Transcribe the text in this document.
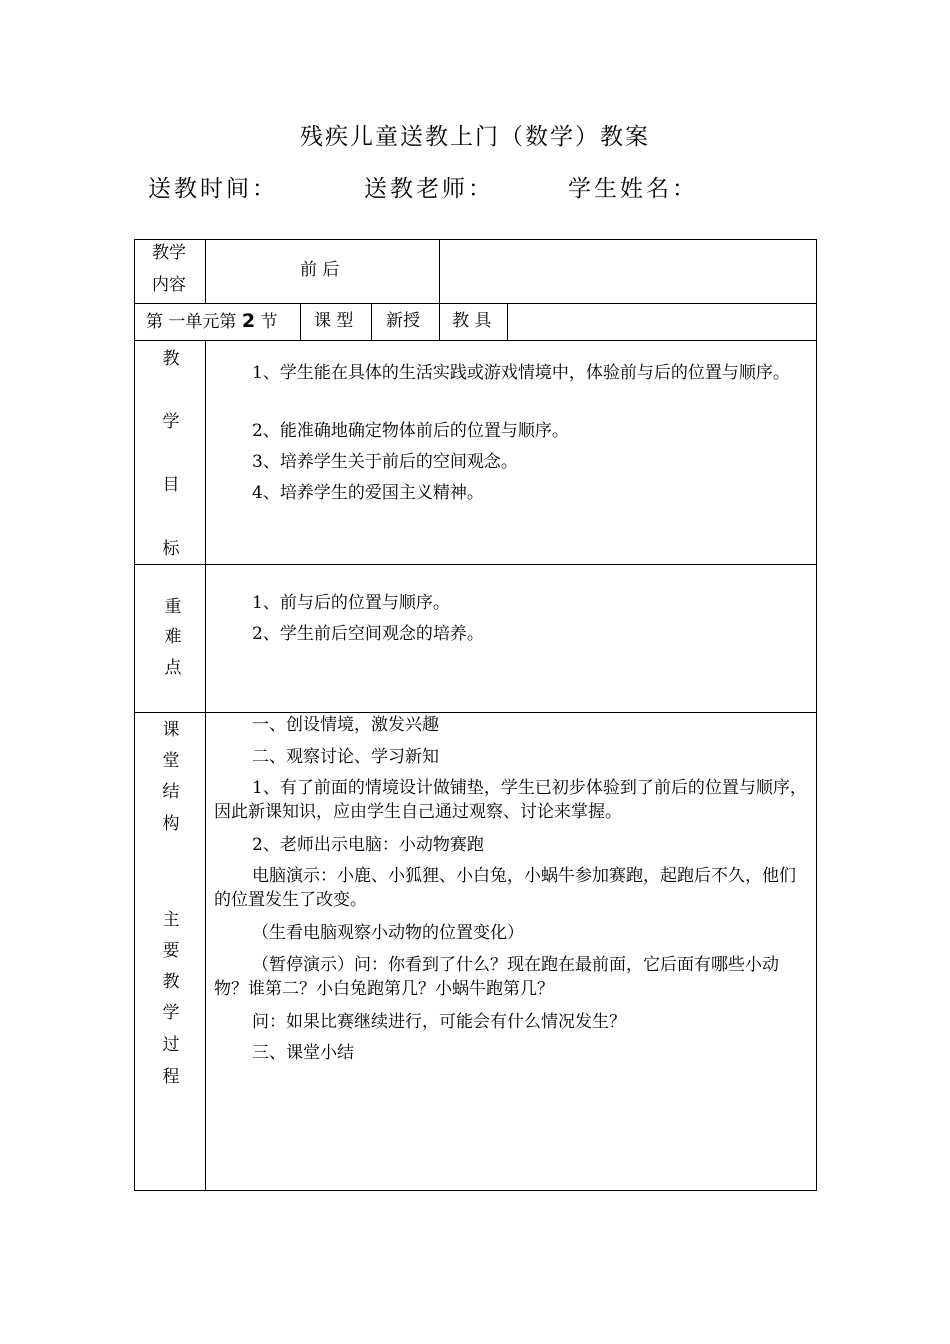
残疾儿童送教上门（数学）教案
送教时间：	送教老师：	学生姓名：
教学
内容
前 后
第 一单元第 2 节 课 型 新授 教 具
教
学
目
标
1、学生能在具体的生活实践或游戏情境中，体验前与后的位置与顺序。
2、能准确地确定物体前后的位置与顺序。
3、培养学生关于前后的空间观念。
4、培养学生的爱国主义精神。
重
难
点
1、前与后的位置与顺序。
2、学生前后空间观念的培养。
课
堂
结
构
主
要
教
学
过
程
一、创设情境，激发兴趣
二、观察讨论、学习新知
1、有了前面的情境设计做铺垫，学生已初步体验到了前后的位置与顺序，因此新课知识，应由学生自己通过观察、讨论来掌握。
2、老师出示电脑：小动物赛跑
电脑演示：小鹿、小狐狸、小白兔，小蜗牛参加赛跑，起跑后不久，他们的位置发生了改变。
（生看电脑观察小动物的位置变化）
（暂停演示）问：你看到了什么？现在跑在最前面，它后面有哪些小动物？谁第二？小白兔跑第几？小蜗牛跑第几？
问：如果比赛继续进行，可能会有什么情况发生？
三、课堂小结
